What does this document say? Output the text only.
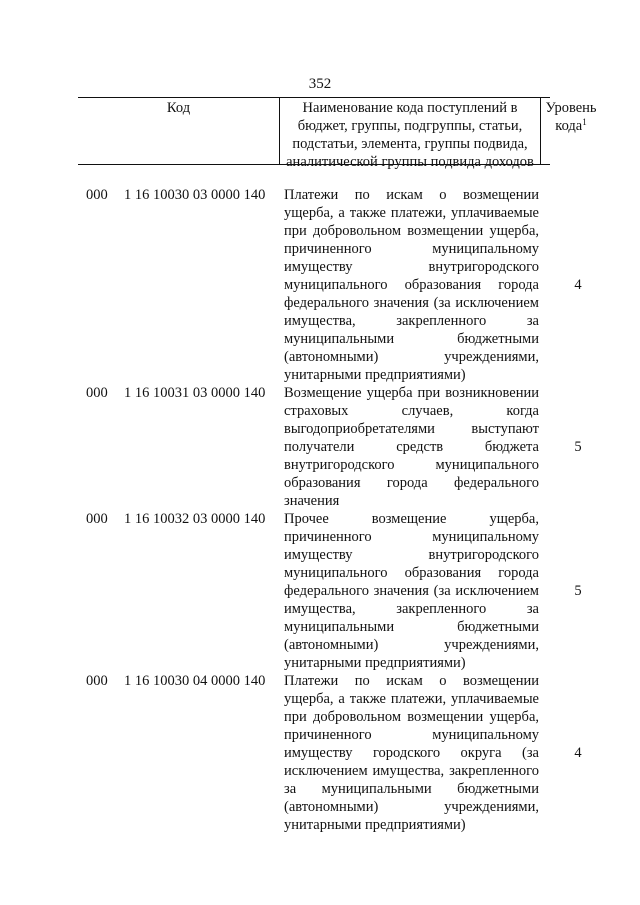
352
Код	Наименование кода поступлений в бюджет, группы, подгруппы, статьи, подстатьи, элемента, группы подвида, аналитической группы подвида доходов
Уровень кода$^1$
000 1 16 10030 03 0000 140 Платежи по искам о возмещении ущерба, а также платежи, уплачиваемые при добровольном возмещении ущерба, причиненного муниципальному имуществу внутригородского муниципального образования города федерального значения (за исключением имущества, закрепленного за муниципальными бюджетными (автономными) учреждениями, унитарными предприятиями)
4
000 1 16 10031 03 0000 140 Возмещение ущерба при возникновении страховых случаев, когда выгодоприобретателями выступают получатели средств бюджета внутригородского муниципального образования города федерального значения
5
000 1 16 10032 03 0000 140 Прочее возмещение ущерба, причиненного муниципальному имуществу внутригородского муниципального образования города федерального значения (за исключением имущества, закрепленного за муниципальными бюджетными (автономными) учреждениями, унитарными предприятиями)
5
000 1 16 10030 04 0000 140 Платежи по искам о возмещении ущерба, а также платежи, уплачиваемые при добровольном возмещении ущерба, причиненного муниципальному имуществу городского округа (за исключением имущества, закрепленного за муниципальными бюджетными (автономными) учреждениями, унитарными предприятиями)
4
